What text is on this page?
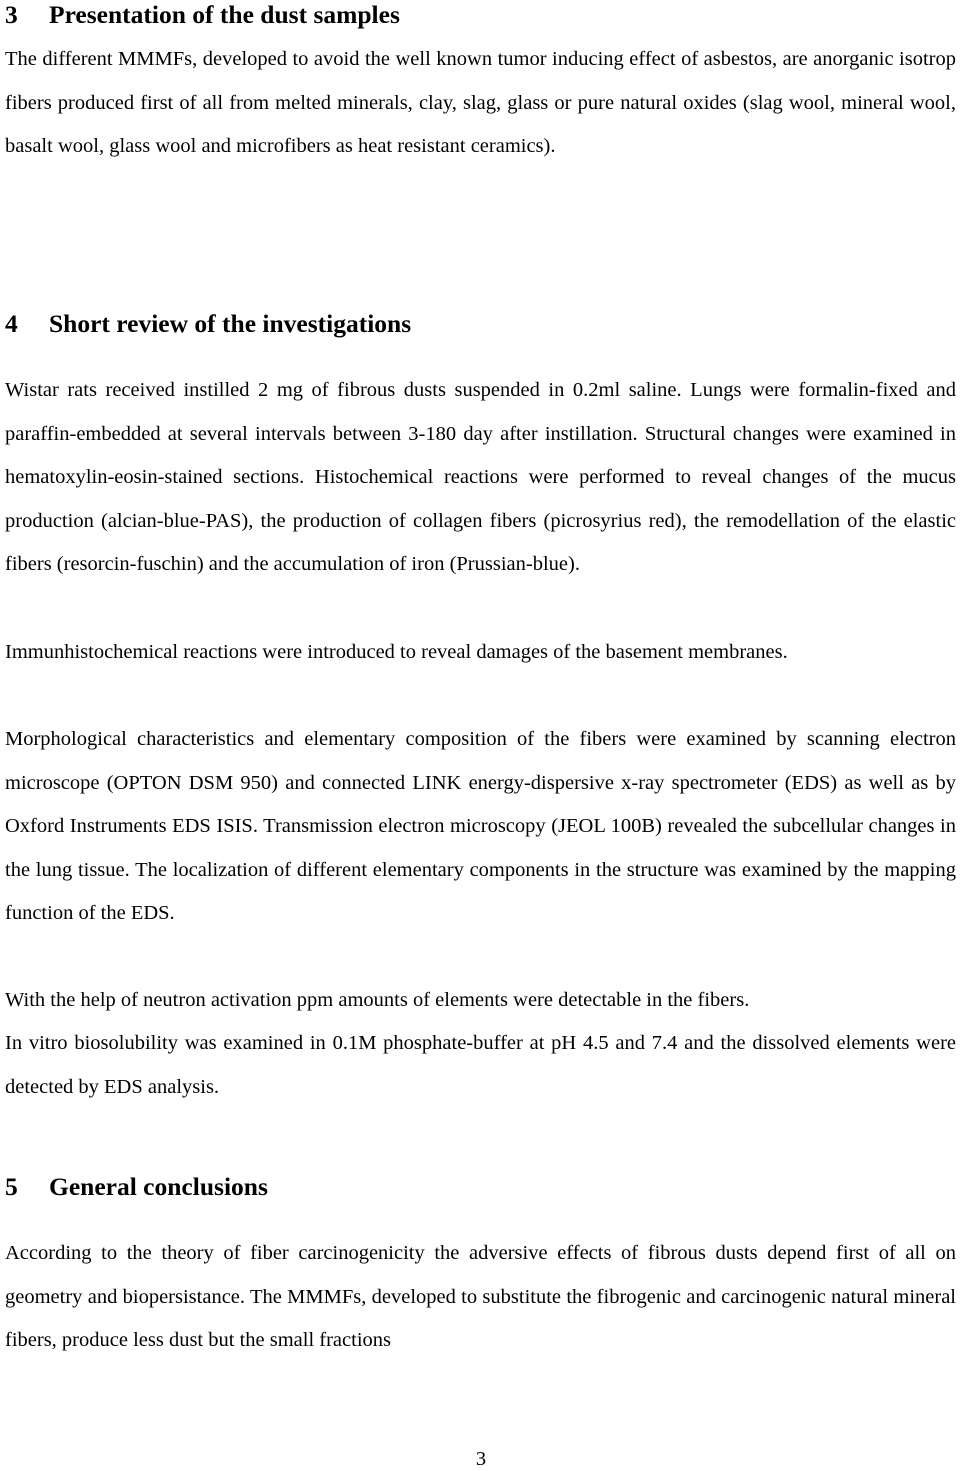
3 Presentation of the dust samples

The different MMMFs, developed to avoid the well known tumor inducing effect of asbestos, are anorganic isotrop fibers produced first of all from melted minerals, clay, slag, glass or pure natural oxides (slag wool, mineral wool, basalt wool, glass wool and microfibers as heat resistant ceramics).

4 Short review of the investigations

Wistar rats received instilled 2 mg of fibrous dusts suspended in 0.2ml saline. Lungs were formalin-fixed and paraffin-embedded at several intervals between 3-180 day after instillation. Structural changes were examined in hematoxylin-eosin-stained sections. Histochemical reactions were performed to reveal changes of the mucus production (alcian-blue-PAS), the production of collagen fibers (picrosyrius red), the remodellation of the elastic fibers (resorcin-fuschin) and the accumulation of iron (Prussian-blue).

Immunhistochemical reactions were introduced to reveal damages of the basement membranes.

Morphological characteristics and elementary composition of the fibers were examined by scanning electron microscope (OPTON DSM 950) and connected LINK energy-dispersive x-ray spectrometer (EDS) as well as by Oxford Instruments EDS ISIS. Transmission electron microscopy (JEOL 100B) revealed the subcellular changes in the lung tissue. The localization of different elementary components in the structure was examined by the mapping function of the EDS.

With the help of neutron activation ppm amounts of elements were detectable in the fibers.

In vitro biosolubility was examined in 0.1M phosphate-buffer at pH 4.5 and 7.4 and the dissolved elements were detected by EDS analysis.

5 General conclusions

According to the theory of fiber carcinogenicity the adversive effects of fibrous dusts depend first of all on geometry and biopersistance. The MMMFs, developed to substitute the fibrogenic and carcinogenic natural mineral fibers, produce less dust but the small fractions

3
